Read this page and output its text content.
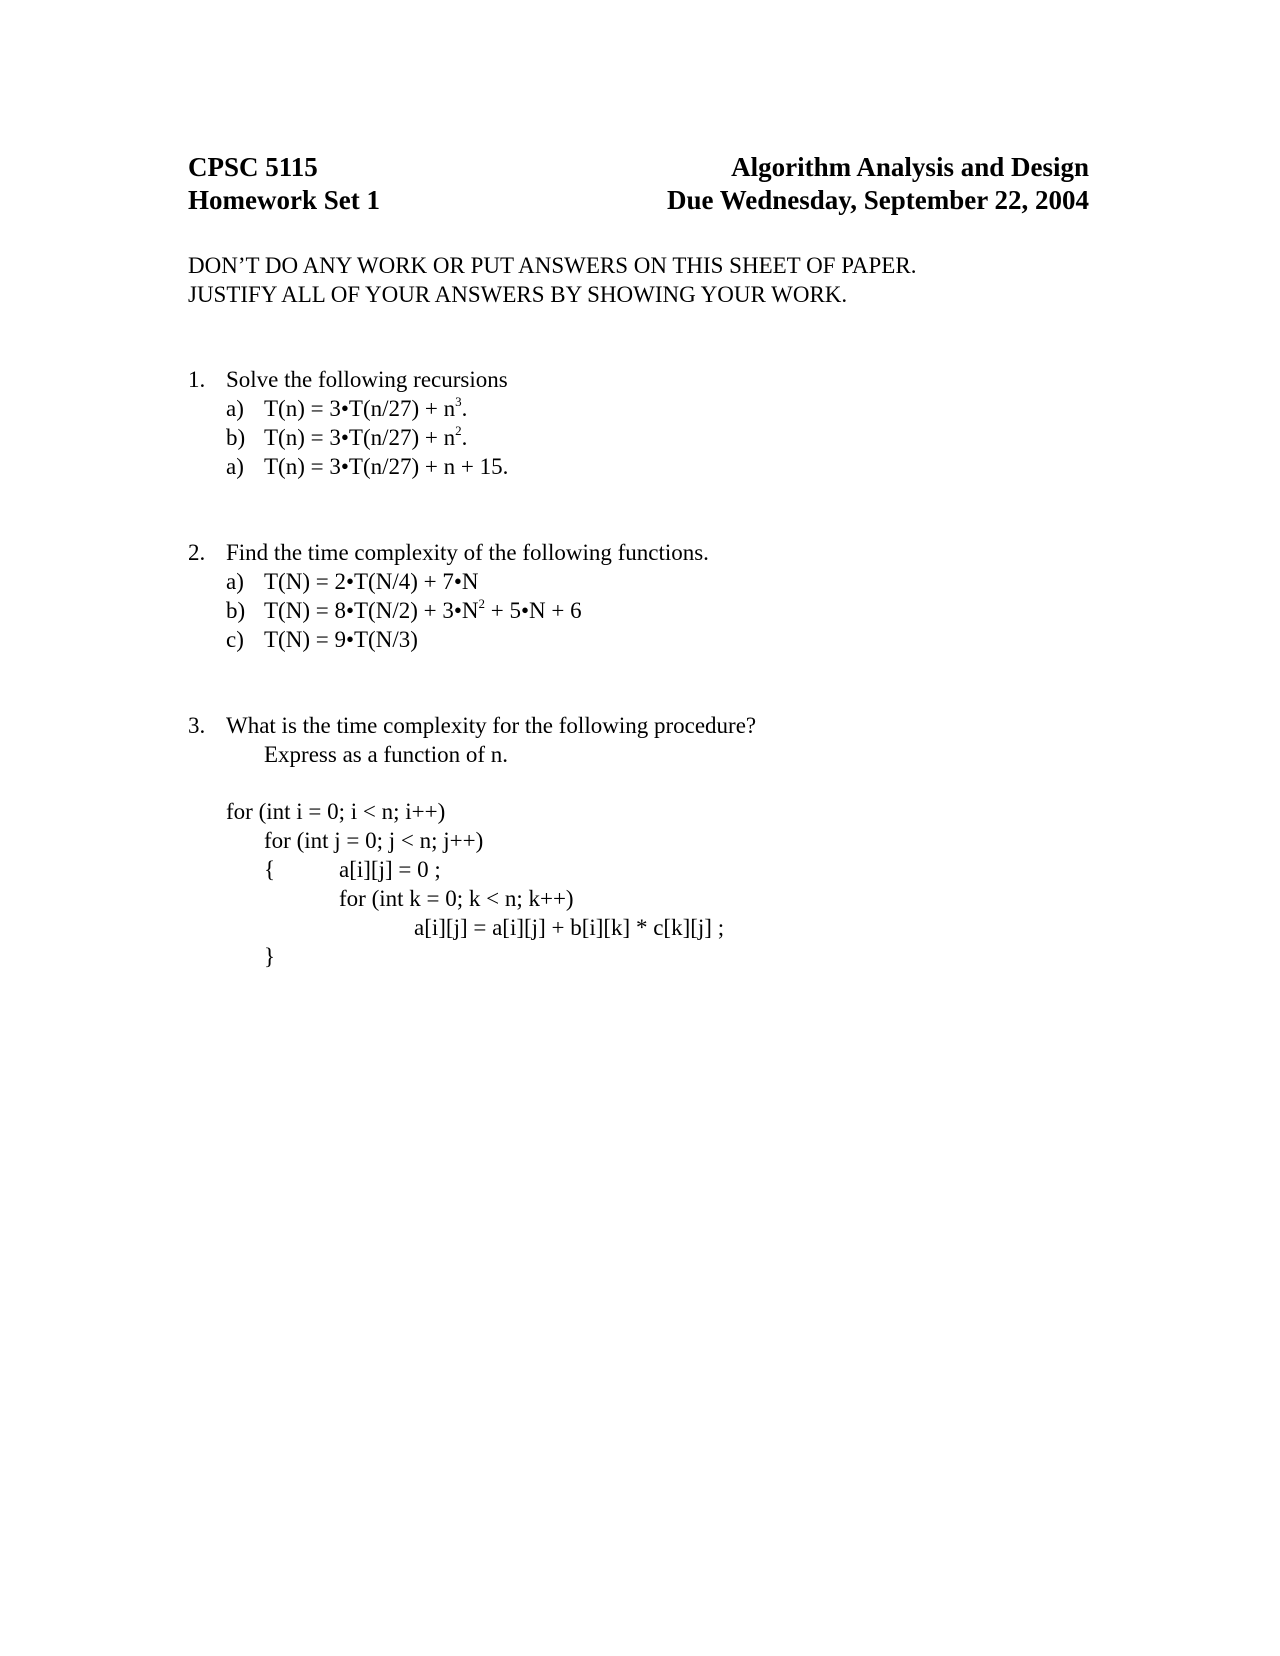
CPSC 5115
Homework Set 1
Algorithm Analysis and Design
Due Wednesday, September 22, 2004
DON’T DO ANY WORK OR PUT ANSWERS ON THIS SHEET OF PAPER.
JUSTIFY ALL OF YOUR ANSWERS BY SHOWING YOUR WORK.
1. Solve the following recursions
a) T(n) = 3•T(n/27) + $n^3$.
b) T(n) = 3•T(n/27) + $n^2$.
a) T(n) = 3•T(n/27) + n + 15.
2. Find the time complexity of the following functions.
a) T(N) = 2•T(N/4) + 7•N
b) T(N) = 8•T(N/2) + $3•N^2$ + 5•N + 6
c) T(N) = 9•T(N/3)
3. What is the time complexity for the following procedure?
Express as a function of n.
for (int i = 0; i < n; i++)
for (int j = 0; j < n; j++)
{	a[i][j] = 0 ;
for (int k = 0; k < n; k++)
a[i][j] = a[i][j] + b[i][k] * c[k][j] ;
}
